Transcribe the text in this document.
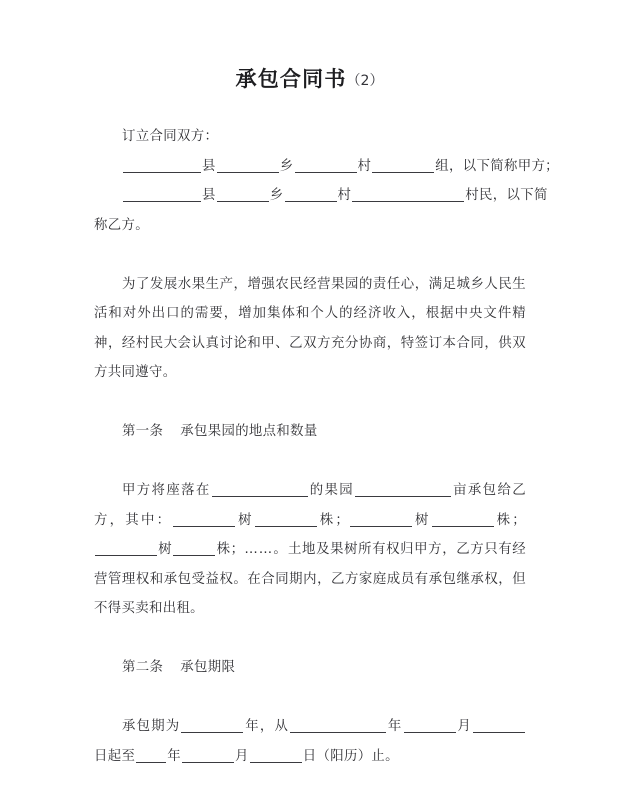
承包合同书（2）

订立合同双方：

县	乡	村	组，以下简称甲方；

县	乡	村	村民，以下简

称乙方。

为了发展水果生产，增强农民经营果园的责任心，满足城乡人民生活和对外出口的需要，增加集体和个人的经济收入，根据中央文件精神，经村民大会认真讨论和甲、乙双方充分协商，特签订本合同，供双方共同遵守。

第一条 承包果园的地点和数量

甲方将座落在	的果园	亩承包给乙方，其中：	树	株；	树	株；树	株；……。土地及果树所有权归甲方，乙方只有经营管理权和承包受益权。在合同期内，乙方家庭成员有承包继承权，但不得买卖和出租。

第二条 承包期限

承包期为	年，从	年	月日起至 年	月	日（阳历）止。
